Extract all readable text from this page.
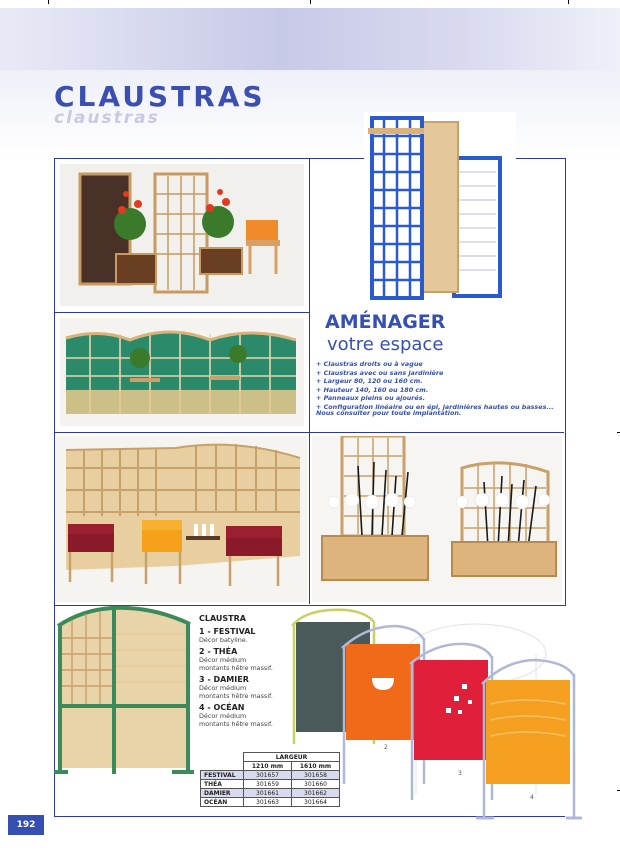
CLAUSTRAS
claustras
AMÉNAGER
votre espace
+ Claustras droits ou à vague
+ Claustras avec ou sans jardinière
+ Largeur 80, 120 ou 160 cm.
+ Hauteur 140, 160 ou 180 cm.
+ Panneaux pleins ou ajourés.
+ Configuration linéaire ou en épi, jardinières hautes ou basses...
Nous consulter pour toute implantation.
CLAUSTRA
1 - FESTIVAL
Décor batyline.
2 - THÉA
Décor médium
montants hêtre massif.
3 - DAMIER
Décor médium
montants hêtre massif.
4 - OCÉAN
Décor médium
montants hêtre massif.
	LARGEUR	
	1210 mm	1610 mm
FESTIVAL	301657	301658
THÉA	301659	301660
DAMIER	301661	301662
OCÉAN	301663	301664
1
2
3
4
192
